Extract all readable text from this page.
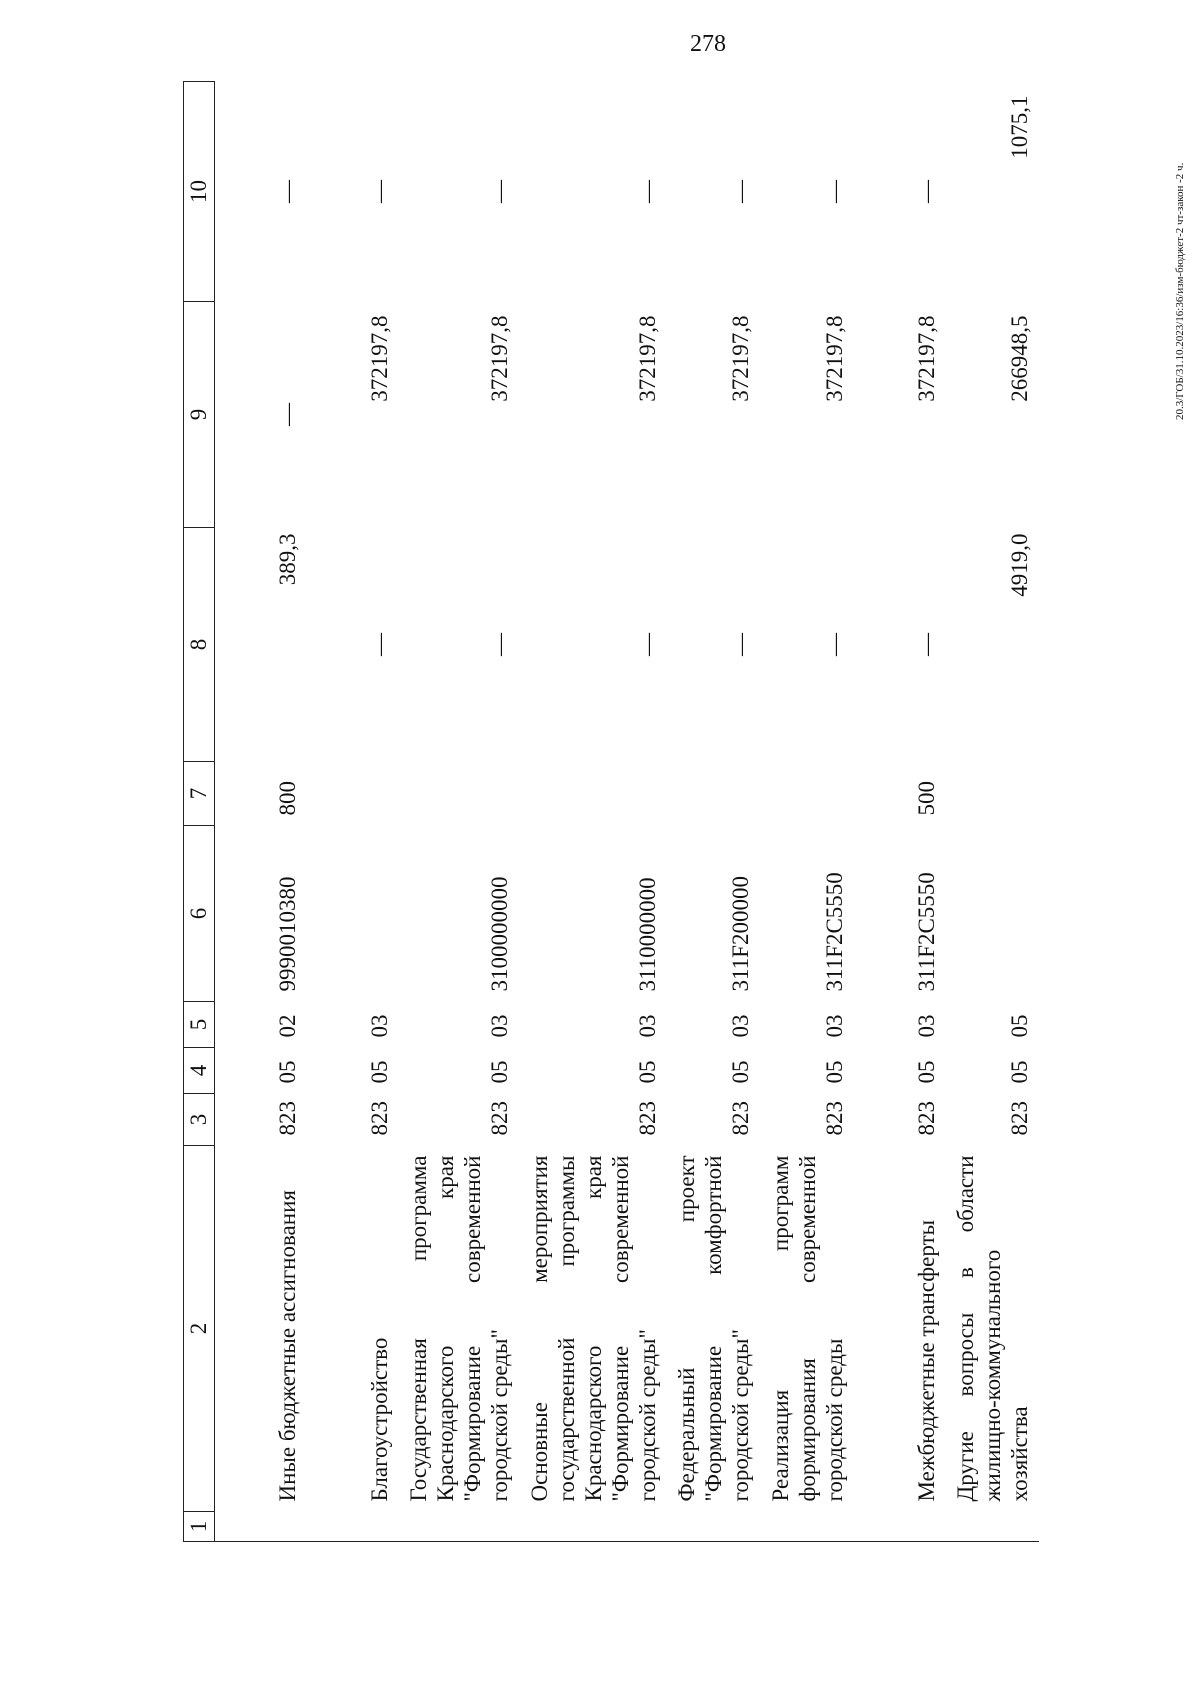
278
20.3/ГОБ/31.10.2023/16:36/изм-бюджет-2 чт-закон -2 ч.
1	2	3	4	5	6	7	8	9	10
	Иные бюджетные ассигнования	823	05	02	9990010380	800	389,3	—	—
	Благоустройство	823	05	03			—	372197,8	—
	Государственная программа Краснодарского края "Формирование современной городской среды"	823	05	03	3100000000		—	372197,8	—
	Основные мероприятия государственной программы Краснодарского края "Формирование современной городской среды"	823	05	03	3110000000		—	372197,8	—
	Федеральный проект "Формирование комфортной городской среды"	823	05	03	311F200000		—	372197,8	—
	Реализация программ формирования современной городской среды	823	05	03	311F2C5550		—	372197,8	—
	Межбюджетные трансферты	823	05	03	311F2C5550	500	—	372197,8	—
	Другие вопросы в области жилищно-коммунального хозяйства	823	05	05			4919,0	266948,5	1075,1
